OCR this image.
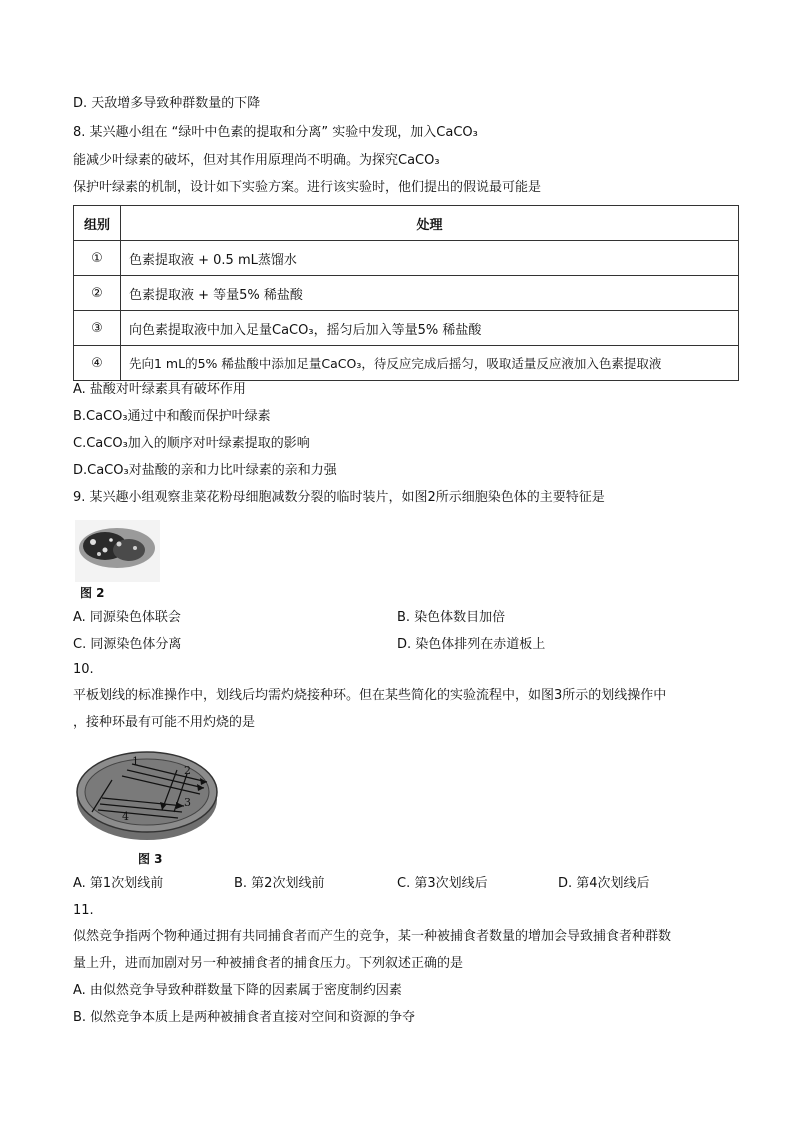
D. 天敌增多导致种群数量的下降
8. 某兴趣小组在 “绿叶中色素的提取和分离” 实验中发现，加入CaCO₃
能减少叶绿素的破坏，但对其作用原理尚不明确。为探究CaCO₃
保护叶绿素的机制，设计如下实验方案。进行该实验时，他们提出的假说最可能是
组别	处理
①	色素提取液 + 0.5 mL蒸馏水
②	色素提取液 + 等量5% 稀盐酸
③	向色素提取液中加入足量CaCO₃，摇匀后加入等量5% 稀盐酸
④	先向1 mL的5% 稀盐酸中添加足量CaCO₃，待反应完成后摇匀，吸取适量反应液加入色素提取液
A. 盐酸对叶绿素具有破坏作用
B.CaCO₃通过中和酸而保护叶绿素
C.CaCO₃加入的顺序对叶绿素提取的影响
D.CaCO₃对盐酸的亲和力比叶绿素的亲和力强
9. 某兴趣小组观察韭菜花粉母细胞减数分裂的临时装片，如图2所示细胞染色体的主要特征是
图 2
A. 同源染色体联会	B. 染色体数目加倍
C. 同源染色体分离	D. 染色体排列在赤道板上
10.
平板划线的标准操作中，划线后均需灼烧接种环。但在某些简化的实验流程中，如图3所示的划线操作中
，接种环最有可能不用灼烧的是
1
2
3
4
图 3
A. 第1次划线前	B. 第2次划线前	C. 第3次划线后	D. 第4次划线后
11.
似然竞争指两个物种通过拥有共同捕食者而产生的竞争，某一种被捕食者数量的增加会导致捕食者种群数
量上升，进而加剧对另一种被捕食者的捕食压力。下列叙述正确的是
A. 由似然竞争导致种群数量下降的因素属于密度制约因素
B. 似然竞争本质上是两种被捕食者直接对空间和资源的争夺
